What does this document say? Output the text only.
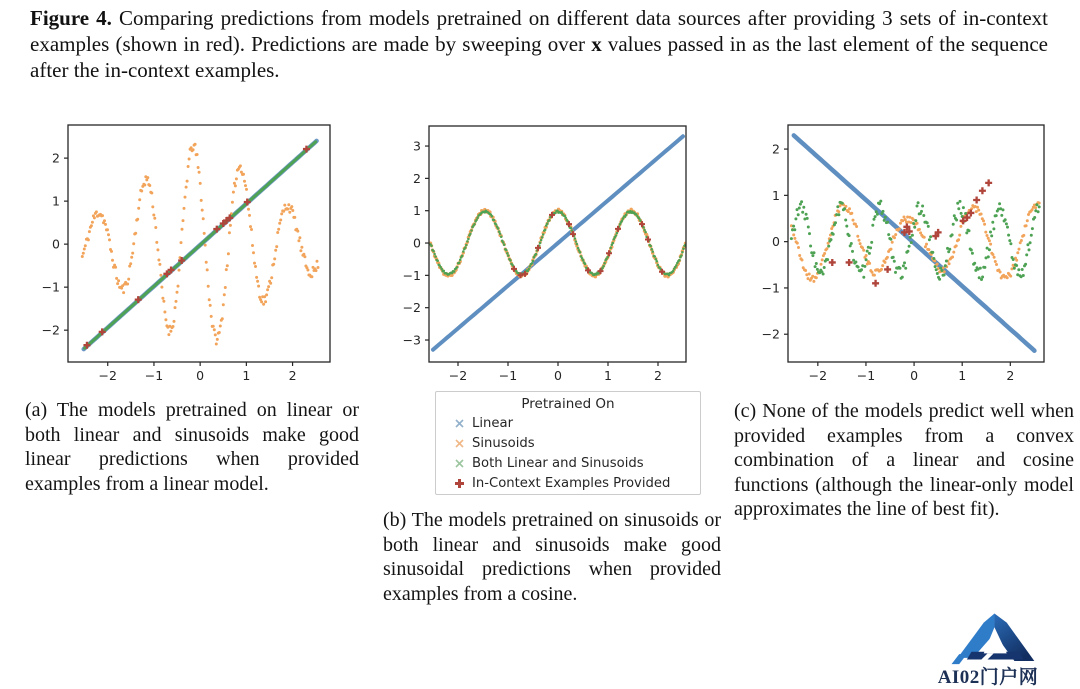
Figure 4. Comparing predictions from models pretrained on different data sources after providing 3 sets of in-context examples (shown in red). Predictions are made by sweeping over x values passed in as the last element of the sequence after the in-context examples.
−2 −1	0	1	2
−2
−1
0
1
2
−2	−1	0	1	2
−3
−2
−1
0
1
2
3
−2 −1	0	1	2
−2
−1
0
1
2
Pretrained On
Linear
Sinusoids
Both Linear and Sinusoids
In-Context Examples Provided
(a) The models pretrained on linear or both linear and sinusoids make good linear predictions when provided examples from a linear model.
(b) The models pretrained on sinusoids or both linear and sinusoids make good sinusoidal predictions when provided examples from a cosine.
(c) None of the models predict well when provided examples from a convex combination of a linear and cosine functions (although the linear-only model approximates the line of best fit).
AI02门户网
